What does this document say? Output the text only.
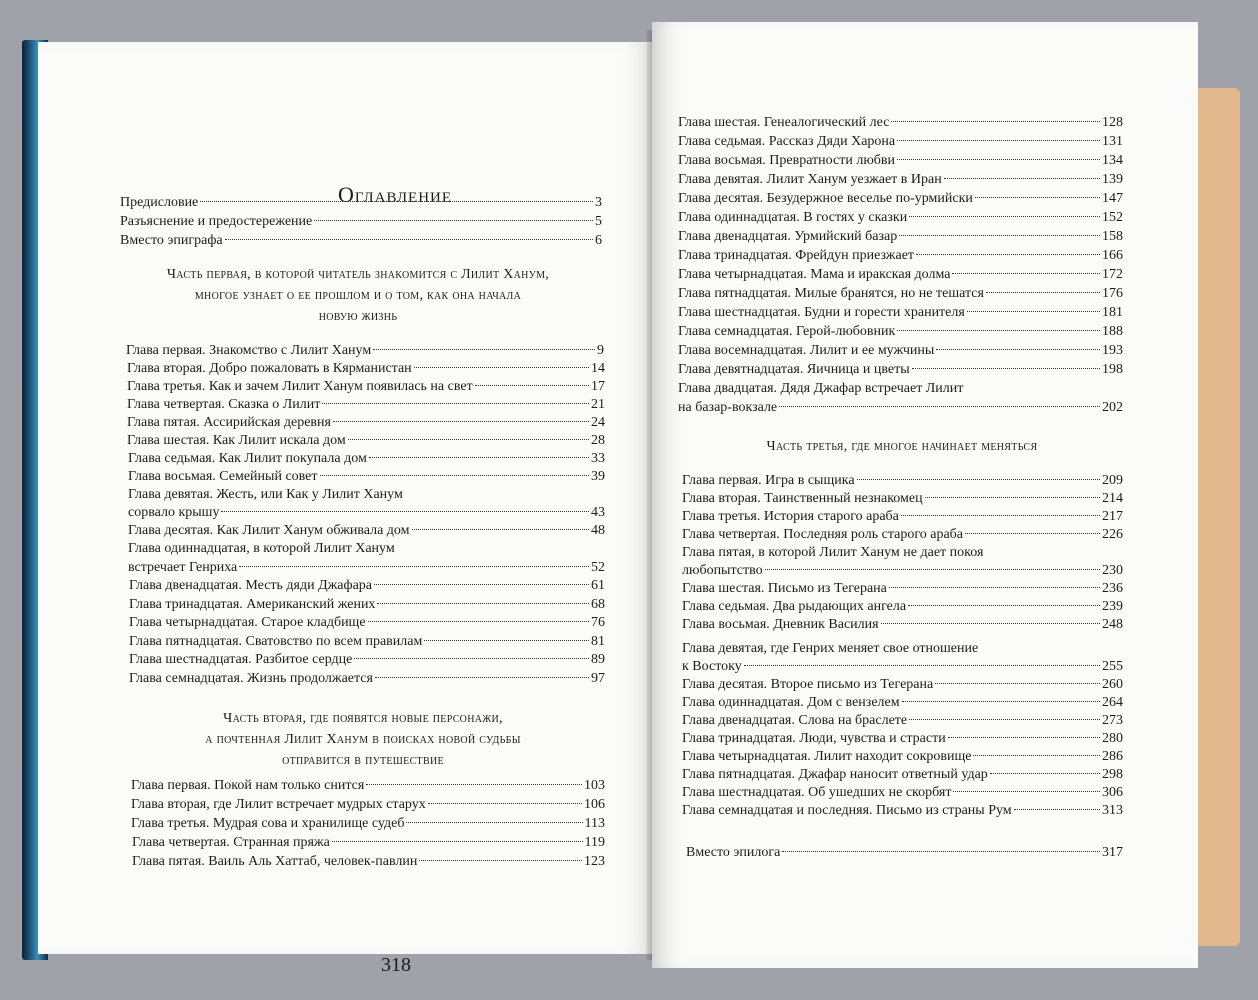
Оглавление
Предисловие	3
Разъяснение и предостережение	5
Вместо эпиграфа	6
Часть первая, в которой читатель знакомится с Лилит Ханум,
многое узнает о ее прошлом и о том, как она начала
новую жизнь
Глава первая. Знакомство с Лилит Ханум	9
Глава вторая. Добро пожаловать в Кярманистан	14
Глава третья. Как и зачем Лилит Ханум появилась на свет	17
Глава четвертая. Сказка о Лилит	21
Глава пятая. Ассирийская деревня	24
Глава шестая. Как Лилит искала дом	28
Глава седьмая. Как Лилит покупала дом	33
Глава восьмая. Семейный совет	39
Глава девятая. Жесть, или Как у Лилит Ханум
сорвало крышу	43
Глава десятая. Как Лилит Ханум обживала дом	48
Глава одиннадцатая, в которой Лилит Ханум
встречает Генриха	52
Глава двенадцатая. Месть дяди Джафара	61
Глава тринадцатая. Американский жених	68
Глава четырнадцатая. Старое кладбище	76
Глава пятнадцатая. Сватовство по всем правилам	81
Глава шестнадцатая. Разбитое сердце	89
Глава семнадцатая. Жизнь продолжается	97
Часть вторая, где появятся новые персонажи,
а почтенная Лилит Ханум в поисках новой судьбы
отправится в путешествие
Глава первая. Покой нам только снится	103
Глава вторая, где Лилит встречает мудрых старух	106
Глава третья. Мудрая сова и хранилище судеб	113
Глава четвертая. Странная пряжа	119
Глава пятая. Ваиль Аль Хаттаб, человек-павлин	123
318
Глава шестая. Генеалогический лес	128
Глава седьмая. Рассказ Дяди Харона	131
Глава восьмая. Превратности любви	134
Глава девятая. Лилит Ханум уезжает в Иран	139
Глава десятая. Безудержное веселье по-урмийски	147
Глава одиннадцатая. В гостях у сказки	152
Глава двенадцатая. Урмийский базар	158
Глава тринадцатая. Фрейдун приезжает	166
Глава четырнадцатая. Мама и иракская долма	172
Глава пятнадцатая. Милые бранятся, но не тешатся	176
Глава шестнадцатая. Будни и горести хранителя	181
Глава семнадцатая. Герой-любовник	188
Глава восемнадцатая. Лилит и ее мужчины	193
Глава девятнадцатая. Яичница и цветы	198
Глава двадцатая. Дядя Джафар встречает Лилит
на базар-вокзале	202
Часть третья, где многое начинает меняться
Глава первая. Игра в сыщика	209
Глава вторая. Таинственный незнакомец	214
Глава третья. История старого араба	217
Глава четвертая. Последняя роль старого араба	226
Глава пятая, в которой Лилит Ханум не дает покоя
любопытство	230
Глава шестая. Письмо из Тегерана	236
Глава седьмая. Два рыдающих ангела	239
Глава восьмая. Дневник Василия	248
Глава девятая, где Генрих меняет свое отношение
к Востоку	255
Глава десятая. Второе письмо из Тегерана	260
Глава одиннадцатая. Дом с вензелем	264
Глава двенадцатая. Слова на браслете	273
Глава тринадцатая. Люди, чувства и страсти	280
Глава четырнадцатая. Лилит находит сокровище	286
Глава пятнадцатая. Джафар наносит ответный удар	298
Глава шестнадцатая. Об ушедших не скорбят	306
Глава семнадцатая и последняя. Письмо из страны Рум	313
Вместо эпилога	317
